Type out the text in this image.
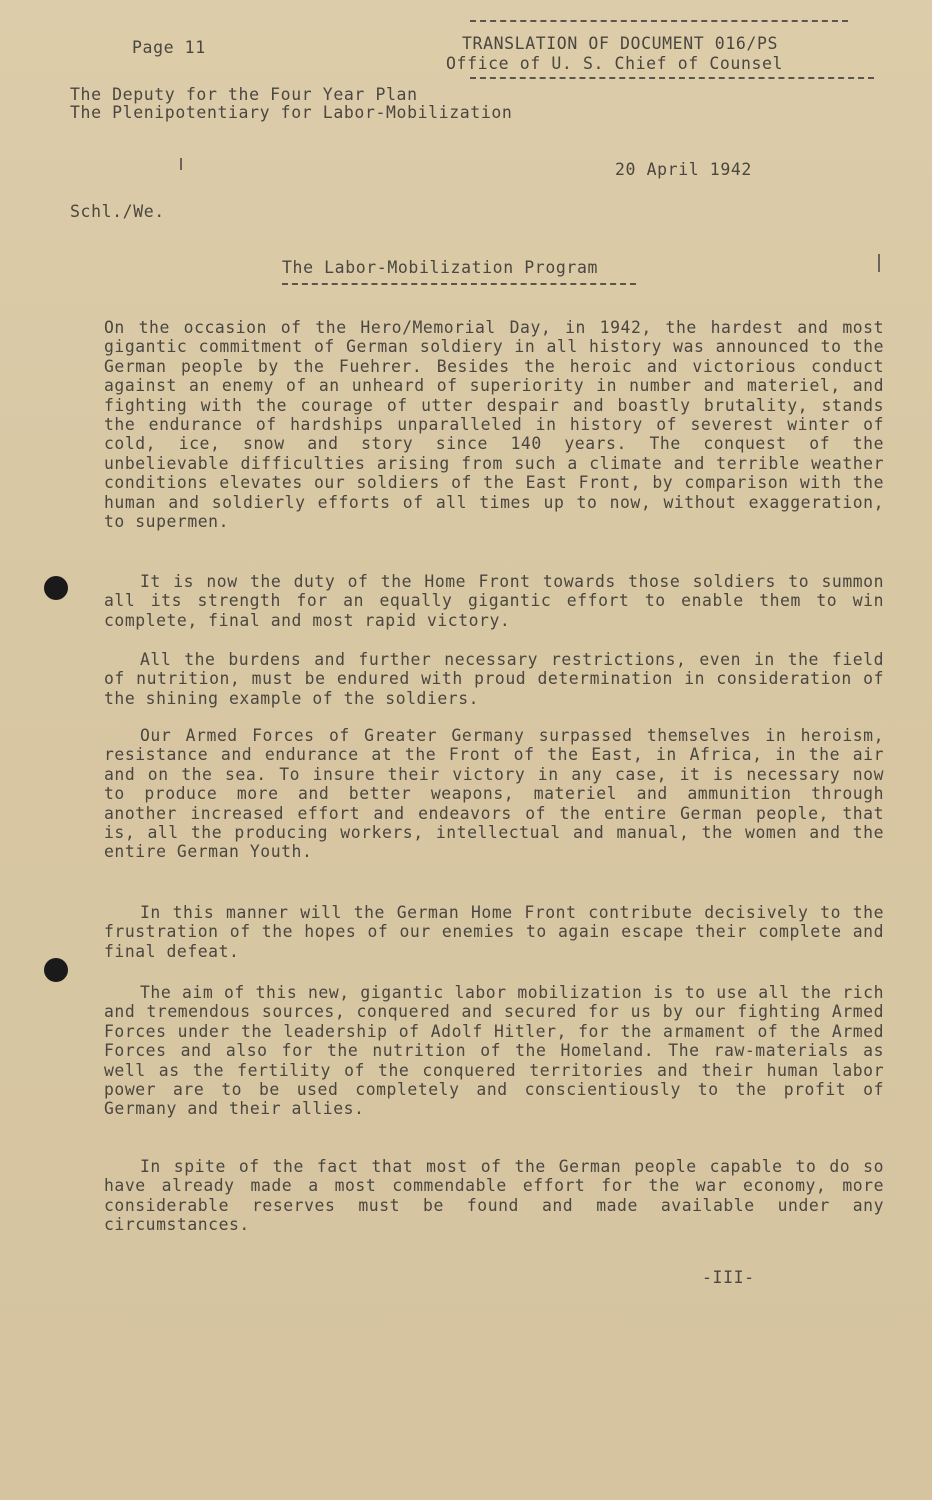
Page 11	TRANSLATION OF DOCUMENT 016/PS
Office of U. S. Chief of Counsel
The Deputy for the Four Year Plan
The Plenipotentiary for Labor-Mobilization
20 April 1942
Schl./We.
The Labor-Mobilization Program
On the occasion of the Hero/Memorial Day, in 1942, the hardest and most gigantic commitment of German soldiery in all history was announced to the German people by the Fuehrer. Besides the heroic and victorious conduct against an enemy of an unheard of superiority in number and materiel, and fighting with the courage of utter despair and boastly brutality, stands the endurance of hardships unparalleled in history of severest winter of cold, ice, snow and story since 140 years. The conquest of the unbelievable difficulties arising from such a climate and terrible weather conditions elevates our soldiers of the East Front, by comparison with the human and soldierly efforts of all times up to now, without exaggeration, to supermen.
It is now the duty of the Home Front towards those soldiers to summon all its strength for an equally gigantic effort to enable them to win complete, final and most rapid victory.
All the burdens and further necessary restrictions, even in the field of nutrition, must be endured with proud determination in consideration of the shining example of the soldiers.
Our Armed Forces of Greater Germany surpassed themselves in heroism, resistance and endurance at the Front of the East, in Africa, in the air and on the sea. To insure their victory in any case, it is necessary now to produce more and better weapons, materiel and ammunition through another increased effort and endeavors of the entire German people, that is, all the producing workers, intellectual and manual, the women and the entire German Youth.
In this manner will the German Home Front contribute decisively to the frustration of the hopes of our enemies to again escape their complete and final defeat.
The aim of this new, gigantic labor mobilization is to use all the rich and tremendous sources, conquered and secured for us by our fighting Armed Forces under the leadership of Adolf Hitler, for the armament of the Armed Forces and also for the nutrition of the Homeland. The raw-materials as well as the fertility of the conquered territories and their human labor power are to be used completely and conscientiously to the profit of Germany and their allies.
In spite of the fact that most of the German people capable to do so have already made a most commendable effort for the war economy, more considerable reserves must be found and made available under any circumstances.
-III-
